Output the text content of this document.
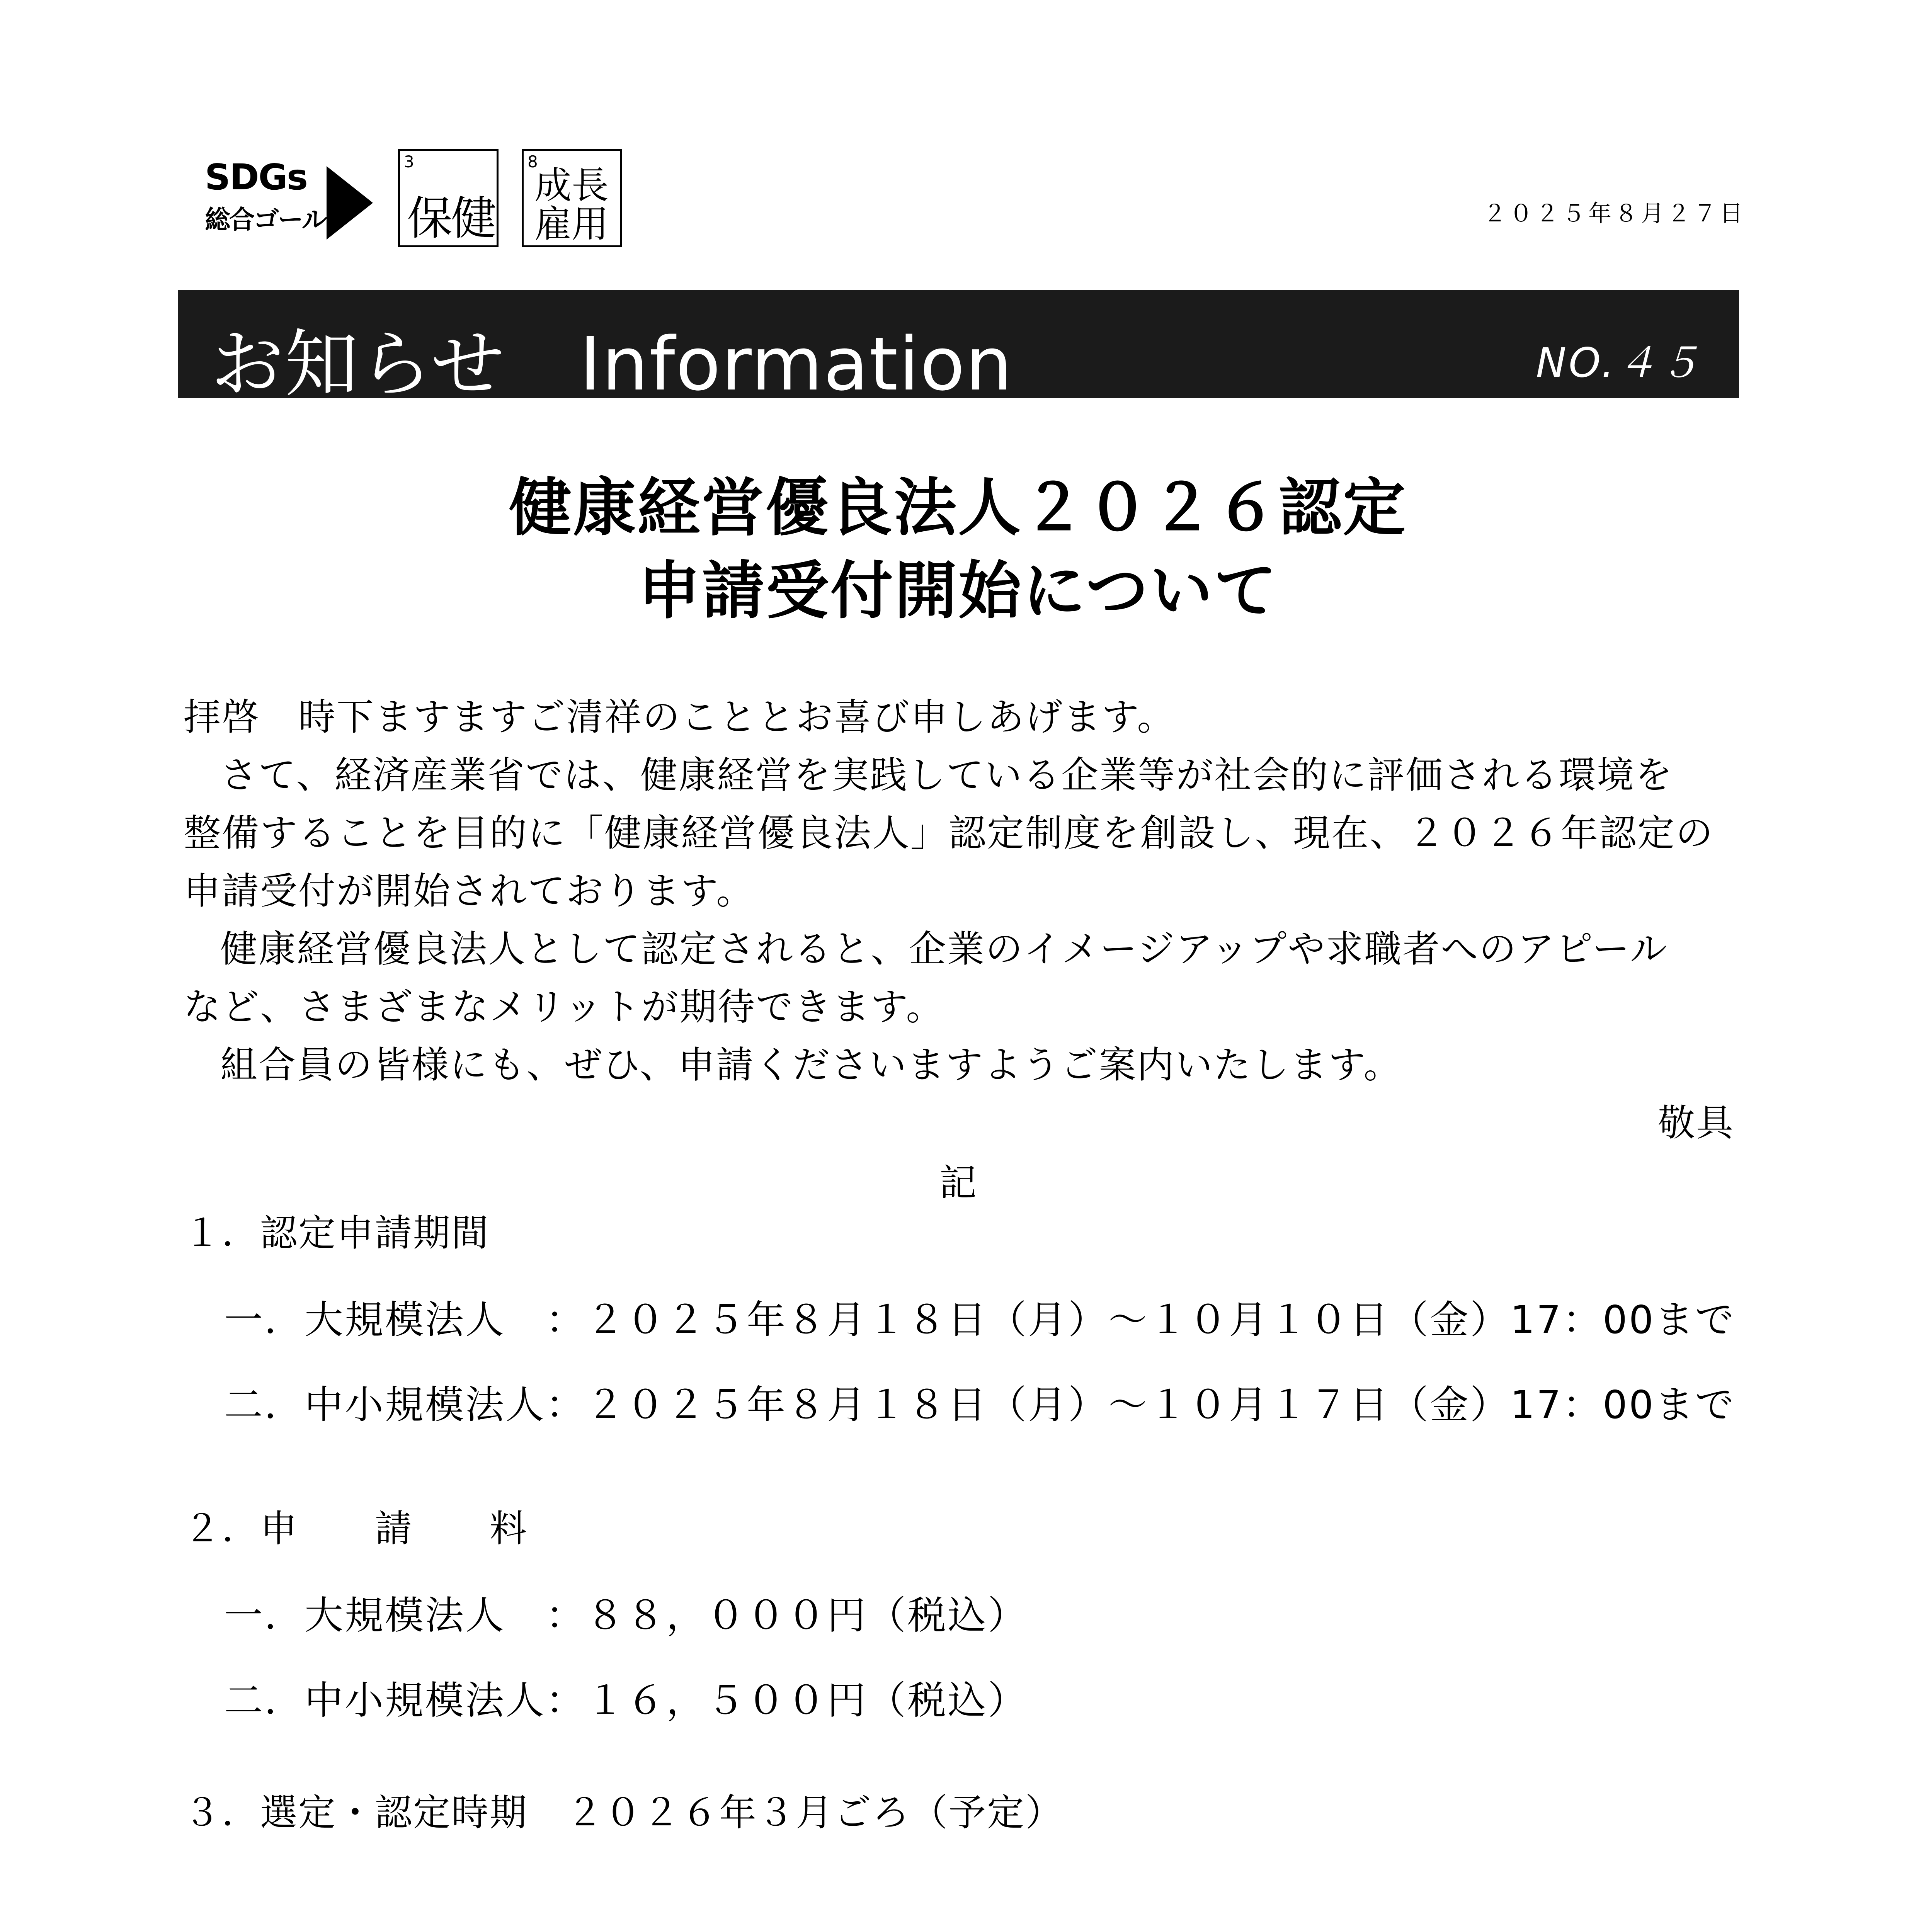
SDGs
総合ゴール
3
保健
8
成長
雇用	２０２５年８月２７日
お知らせ　Information	NO.４５
健康経営優良法人２０２６認定
申請受付開始について
拝啓　時下ますますご清祥のこととお喜び申しあげます。
さて、経済産業省では、健康経営を実践している企業等が社会的に評価される環境を
整備することを目的に「健康経営優良法人」認定制度を創設し、現在、２０２６年認定の
申請受付が開始されております。
健康経営優良法人として認定されると、企業のイメージアップや求職者へのアピール
など、さまざまなメリットが期待できます。
組合員の皆様にも、ぜひ、申請くださいますようご案内いたします。
敬具
記
１．認定申請期間
一．大規模法人　：２０２５年８月１８日（月）～１０月１０日（金）17：00まで
二．中小規模法人：２０２５年８月１８日（月）～１０月１７日（金）17：00まで
２．申　　請　　料
一．大規模法人　：８８，０００円（税込）
二．中小規模法人：１６，５００円（税込）
３．選定・認定時期　２０２６年３月ごろ（予定）
